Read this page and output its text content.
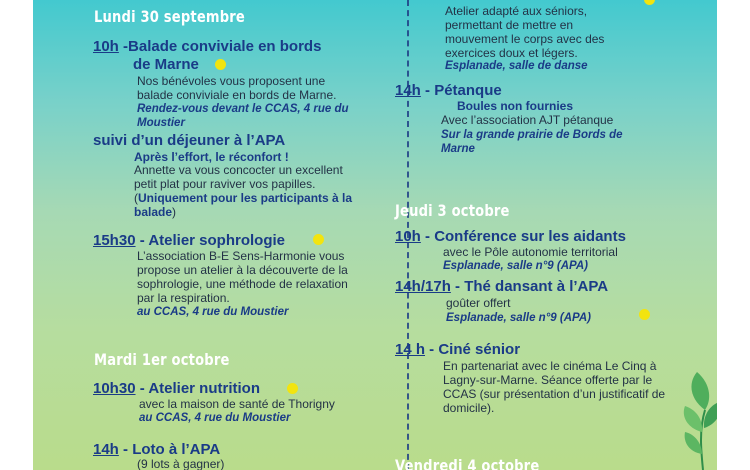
Lundi 30 septembre

10h -Balade conviviale en bords

de Marne

Nos bénévoles vous proposent une balade conviviale en bords de Marne.

Rendez-vous devant le CCAS, 4 rue du Moustier

suivi d’un déjeuner à l’APA

Après l’effort, le réconfort !

Annette va vous concocter un excellent petit plat pour raviver vos papilles. (Uniquement pour les participants à la balade)

15h30 - Atelier sophrologie

L’association B-E Sens-Harmonie vous propose un atelier à la découverte de la sophrologie, une méthode de relaxation par la respiration.

au CCAS, 4 rue du Moustier

Mardi 1er octobre

10h30 - Atelier nutrition

avec la maison de santé de Thorigny

au CCAS, 4 rue du Moustier

14h - Loto à l’APA

(9 lots à gagner)

Atelier adapté aux séniors, permettant de mettre en mouvement le corps avec des exercices doux et légers.

Esplanade, salle de danse

14h - Pétanque

Boules non fournies

Avec l’association AJT pétanque

Sur la grande prairie de Bords de Marne

Jeudi 3 octobre

10h - Conférence sur les aidants

avec le Pôle autonomie territorial

Esplanade, salle n°9 (APA)

14h/17h - Thé dansant à l’APA

goûter offert

Esplanade, salle n°9 (APA)

14 h - Ciné sénior

En partenariat avec le cinéma Le Cinq à Lagny-sur-Marne. Séance offerte par le CCAS (sur présentation d’un justificatif de domicile).

Vendredi 4 octobre
